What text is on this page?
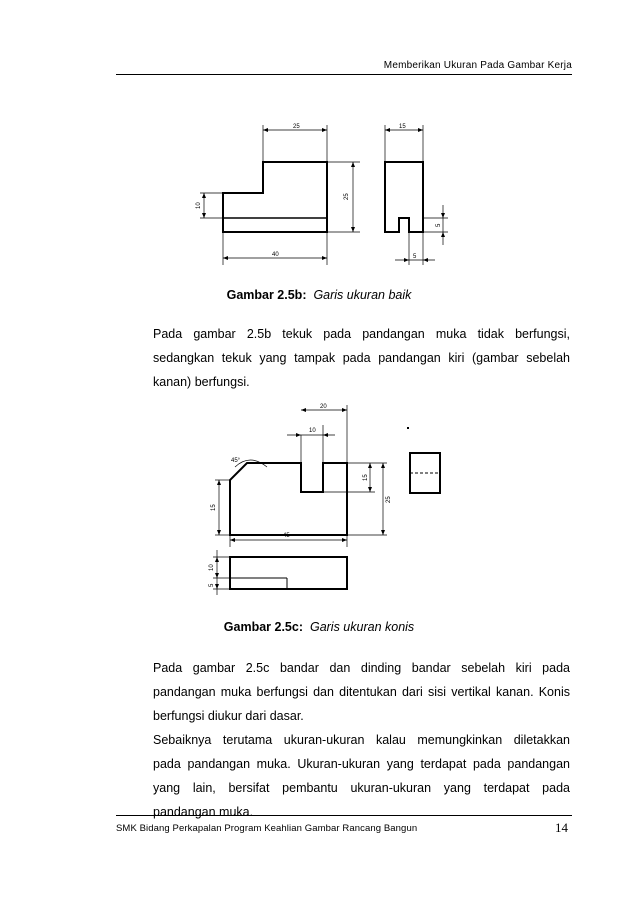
Memberikan Ukuran Pada Gambar Kerja
25
40
25
10
15
5
5
Gambar 2.5b: Garis ukuran baik
Pada gambar 2.5b tekuk pada pandangan muka tidak berfungsi,
sedangkan tekuk yang tampak pada pandangan kiri (gambar sebelah
kanan) berfungsi.
20
10
45°
45
15
25
15
10
5
Gambar 2.5c: Garis ukuran konis
Pada gambar 2.5c bandar dan dinding bandar sebelah kiri pada
pandangan muka berfungsi dan ditentukan dari sisi vertikal kanan. Konis
berfungsi diukur dari dasar.
Sebaiknya terutama ukuran-ukuran kalau memungkinkan diletakkan
pada pandangan muka. Ukuran-ukuran yang terdapat pada pandangan
yang lain, bersifat pembantu ukuran-ukuran yang terdapat pada
pandangan muka.
SMK Bidang Perkapalan Program Keahlian Gambar Rancang Bangun	14
